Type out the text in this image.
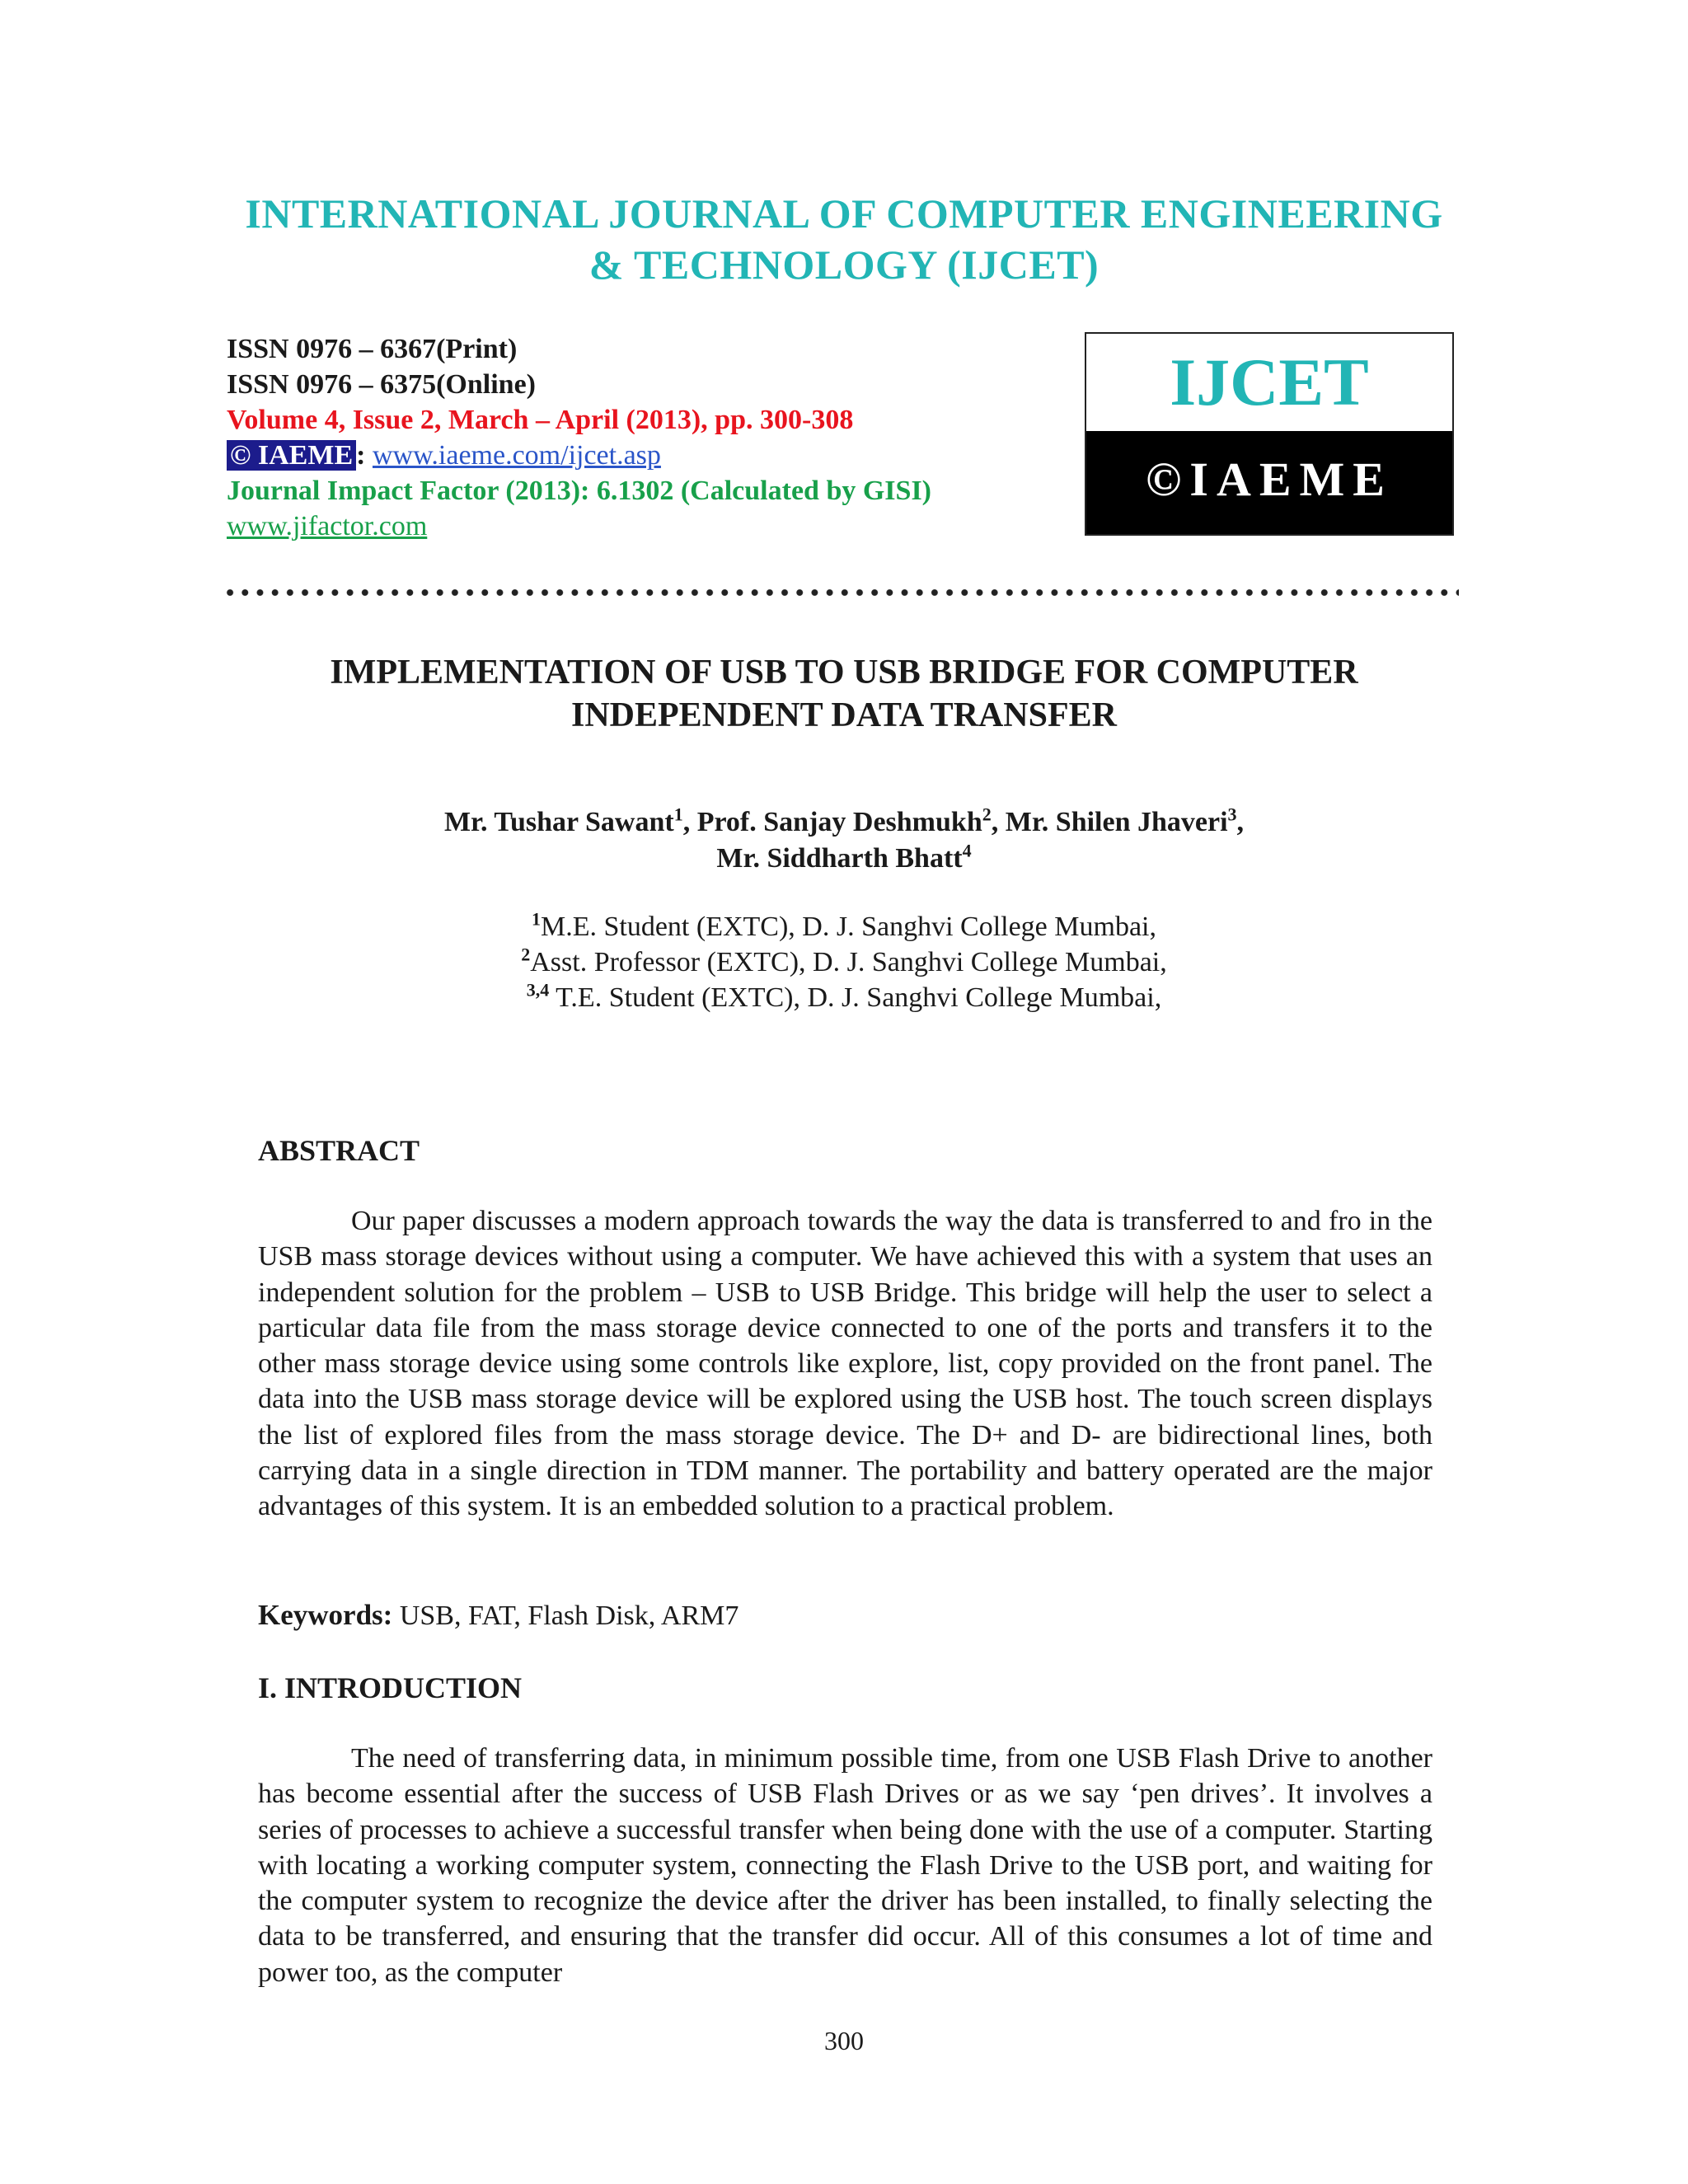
INTERNATIONAL JOURNAL OF COMPUTER ENGINEERING
& TECHNOLOGY (IJCET)
ISSN 0976 – 6367(Print)
ISSN 0976 – 6375(Online)
Volume 4, Issue 2, March – April (2013), pp. 300-308
© IAEME : www.iaeme.com/ijcet.asp
Journal Impact Factor (2013): 6.1302 (Calculated by GISI)
www.jifactor.com
IJCET
©IAEME
IMPLEMENTATION OF USB TO USB BRIDGE FOR COMPUTER
INDEPENDENT DATA TRANSFER
Mr. Tushar Sawant$^1$, Prof. Sanjay Deshmukh$^2$, Mr. Shilen Jhaveri$^3$,
Mr. Siddharth Bhatt$^4$
$^1$M.E. Student (EXTC), D. J. Sanghvi College Mumbai,
$^2$Asst. Professor (EXTC), D. J. Sanghvi College Mumbai,
$^{3,4}$ T.E. Student (EXTC), D. J. Sanghvi College Mumbai,
ABSTRACT
Our paper discusses a modern approach towards the way the data is transferred to and fro in the USB mass storage devices without using a computer. We have achieved this with a system that uses an independent solution for the problem – USB to USB Bridge. This bridge will help the user to select a particular data file from the mass storage device connected to one of the ports and transfers it to the other mass storage device using some controls like explore, list, copy provided on the front panel. The data into the USB mass storage device will be explored using the USB host. The touch screen displays the list of explored files from the mass storage device. The D+ and D- are bidirectional lines, both carrying data in a single direction in TDM manner. The portability and battery operated are the major advantages of this system. It is an embedded solution to a practical problem.
Keywords: USB, FAT, Flash Disk, ARM7
I. INTRODUCTION
The need of transferring data, in minimum possible time, from one USB Flash Drive to another has become essential after the success of USB Flash Drives or as we say ‘pen drives’. It involves a series of processes to achieve a successful transfer when being done with the use of a computer. Starting with locating a working computer system, connecting the Flash Drive to the USB port, and waiting for the computer system to recognize the device after the driver has been installed, to finally selecting the data to be transferred, and ensuring that the transfer did occur. All of this consumes a lot of time and power too, as the computer
300
